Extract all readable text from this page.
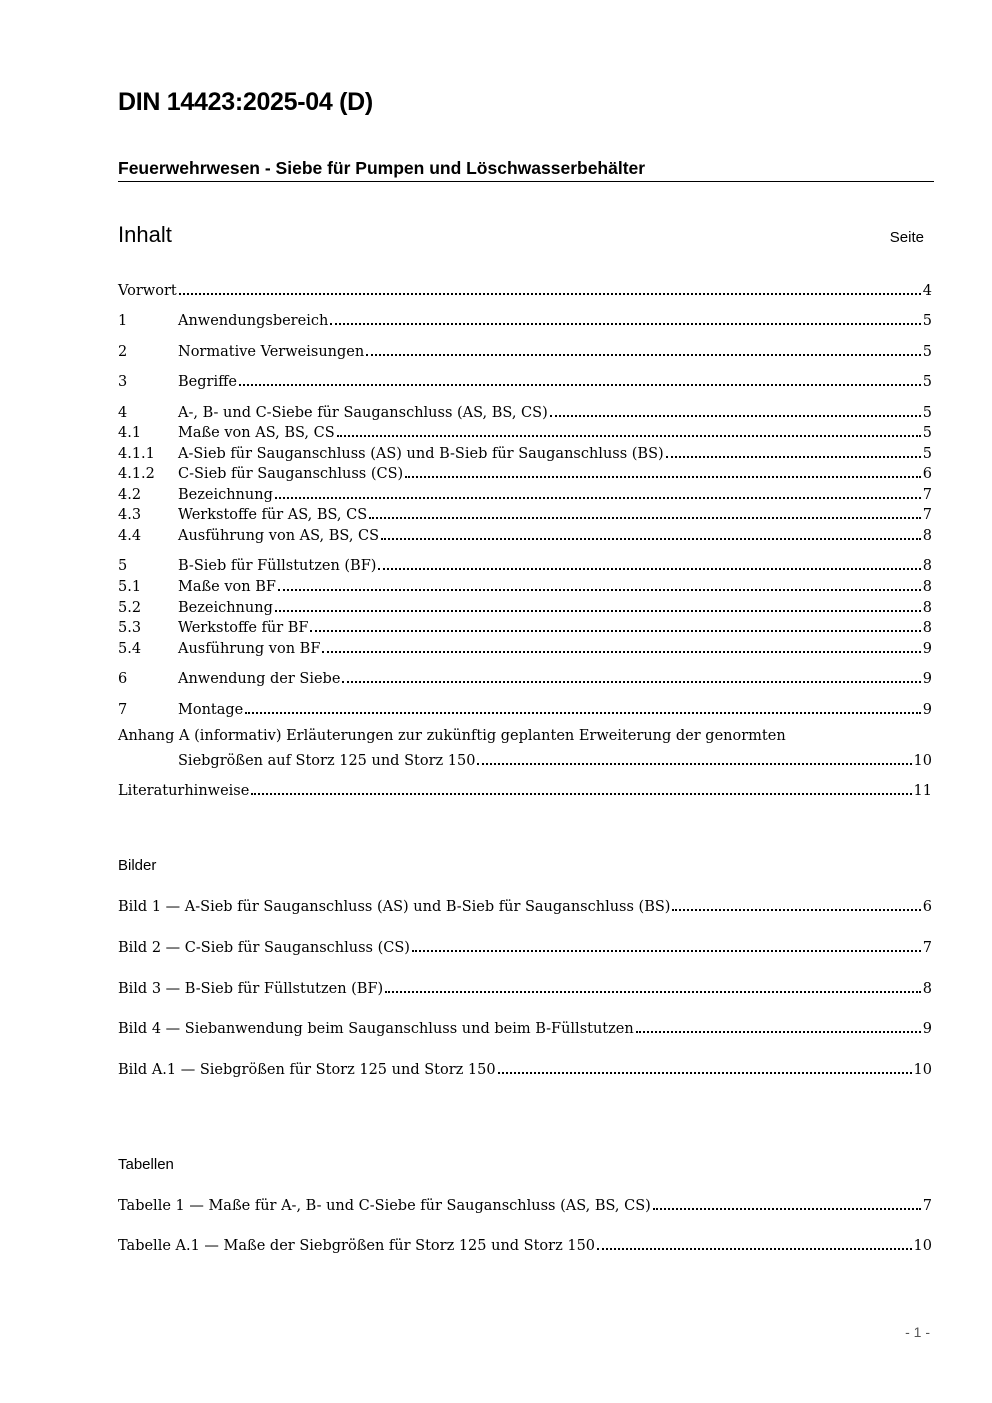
DIN 14423:2025-04 (D)
Feuerwehrwesen - Siebe für Pumpen und Löschwasserbehälter
Inhalt	Seite
Vorwort	4
1	Anwendungsbereich	5
2	Normative Verweisungen	5
3	Begriffe	5
4	A-, B- und C-Siebe für Sauganschluss (AS, BS, CS)	5
4.1	Maße von AS, BS, CS	5
4.1.1	A-Sieb für Sauganschluss (AS) und B-Sieb für Sauganschluss (BS)	5
4.1.2	C-Sieb für Sauganschluss (CS)	6
4.2	Bezeichnung	7
4.3	Werkstoffe für AS, BS, CS	7
4.4	Ausführung von AS, BS, CS	8
5	B-Sieb für Füllstutzen (BF)	8
5.1	Maße von BF	8
5.2	Bezeichnung	8
5.3	Werkstoffe für BF	8
5.4	Ausführung von BF	9
6	Anwendung der Siebe	9
7	Montage	9
Anhang A (informativ) Erläuterungen zur zukünftig geplanten Erweiterung der genormten
Siebgrößen auf Storz 125 und Storz 150	10
Literaturhinweise	11
Bild 1 — A-Sieb für Sauganschluss (AS) und B-Sieb für Sauganschluss (BS)	6
Bild 2 — C-Sieb für Sauganschluss (CS)	7
Bild 3 — B-Sieb für Füllstutzen (BF)	8
Bild 4 — Siebanwendung beim Sauganschluss und beim B-Füllstutzen	9
Bild A.1 — Siebgrößen für Storz 125 und Storz 150	10
Tabelle 1 — Maße für A-, B- und C-Siebe für Sauganschluss (AS, BS, CS)	7
Tabelle A.1 — Maße der Siebgrößen für Storz 125 und Storz 150	10
Bilder
Tabellen
- 1 -
